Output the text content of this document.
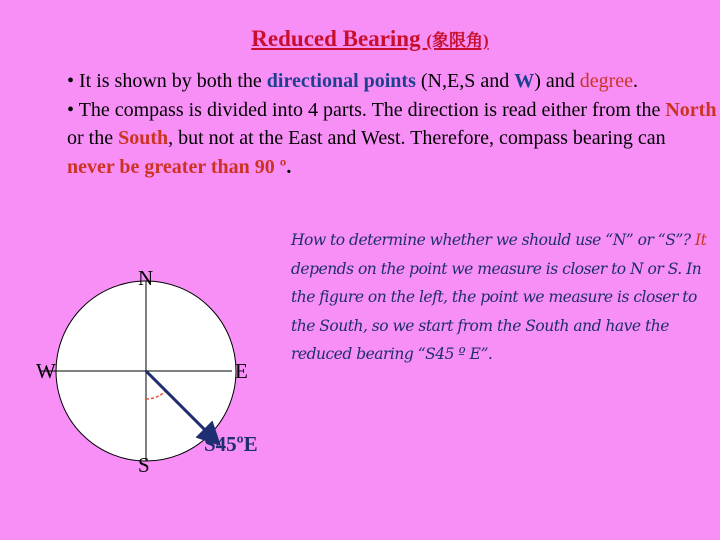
Reduced Bearing (象限角)

• It is shown by both the directional points (N,E,S and W) and degree.

• The compass is divided into 4 parts. The direction is read either from the North or the South, but not at the East and West. Therefore, compass bearing can never be greater than 90 º.

How to determine whether we should use “N” or “S”? It depends on the point we measure is closer to N or S. In the figure on the left, the point we measure is closer to the South, so we start from the South and have the reduced bearing “S45 º E”.
N
S
E
W
S45ºE
